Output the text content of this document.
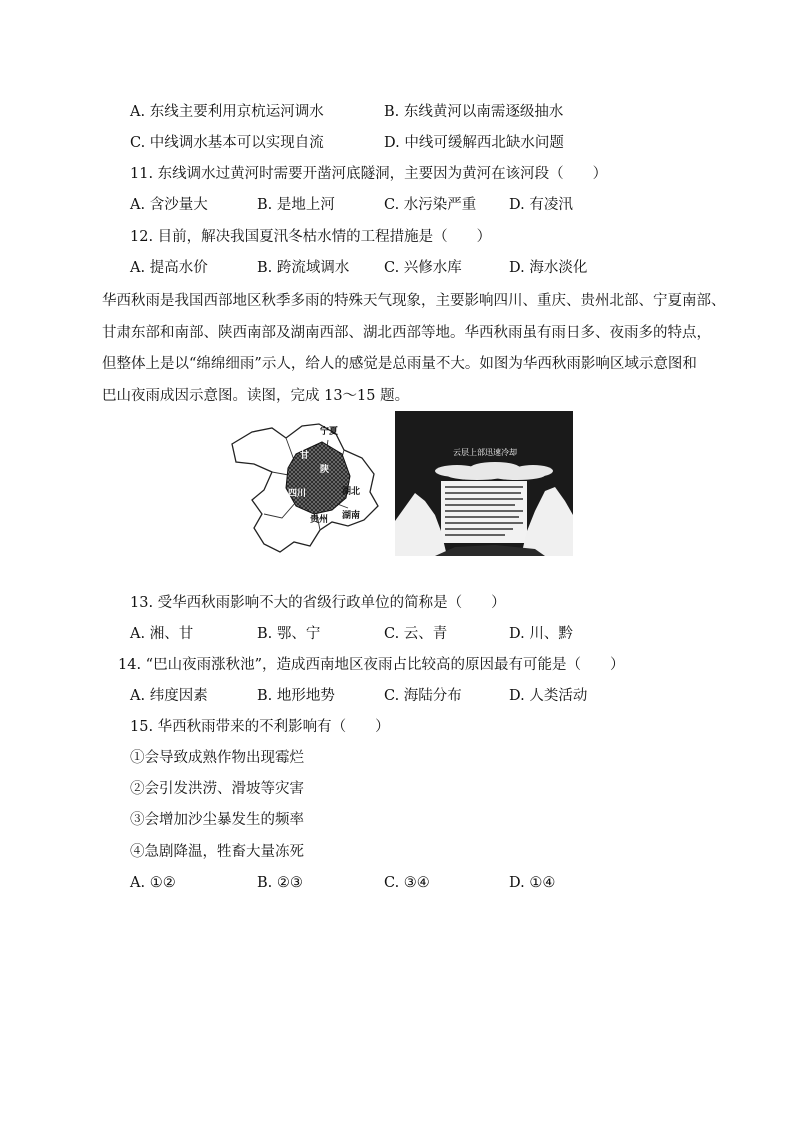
A. 东线主要利用京杭运河调水	B. 东线黄河以南需逐级抽水
C. 中线调水基本可以实现自流	D. 中线可缓解西北缺水问题
11. 东线调水过黄河时需要开凿河底隧洞，主要因为黄河在该河段（　　）
A. 含沙量大	B. 是地上河	C. 水污染严重 D. 有凌汛
12. 目前，解决我国夏汛冬枯水情的工程措施是（　　）
A. 提高水价	B. 跨流域调水 C. 兴修水库	D. 海水淡化
华西秋雨是我国西部地区秋季多雨的特殊天气现象，主要影响四川、重庆、贵州北部、宁夏南部、
甘肃东部和南部、陕西南部及湖南西部、湖北西部等地。华西秋雨虽有雨日多、夜雨多的特点，
但整体上是以“绵绵细雨”示人，给人的感觉是总雨量不大。如图为华西秋雨影响区域示意图和
巴山夜雨成因示意图。读图，完成 13～15 题。
宁夏
甘
陕
四川	湖北
贵州 湖南
云层上部迅速冷却
13. 受华西秋雨影响不大的省级行政单位的简称是（　　）
A. 湘、甘	B. 鄂、宁	C. 云、青	D. 川、黔
14. “巴山夜雨涨秋池”，造成西南地区夜雨占比较高的原因最有可能是（　　）
A. 纬度因素	B. 地形地势	C. 海陆分布	D. 人类活动
15. 华西秋雨带来的不利影响有（　　）
①会导致成熟作物出现霉烂
②会引发洪涝、滑坡等灾害
③会增加沙尘暴发生的频率
④急剧降温，牲畜大量冻死
A. ①②	B. ②③	C. ③④	D. ①④
